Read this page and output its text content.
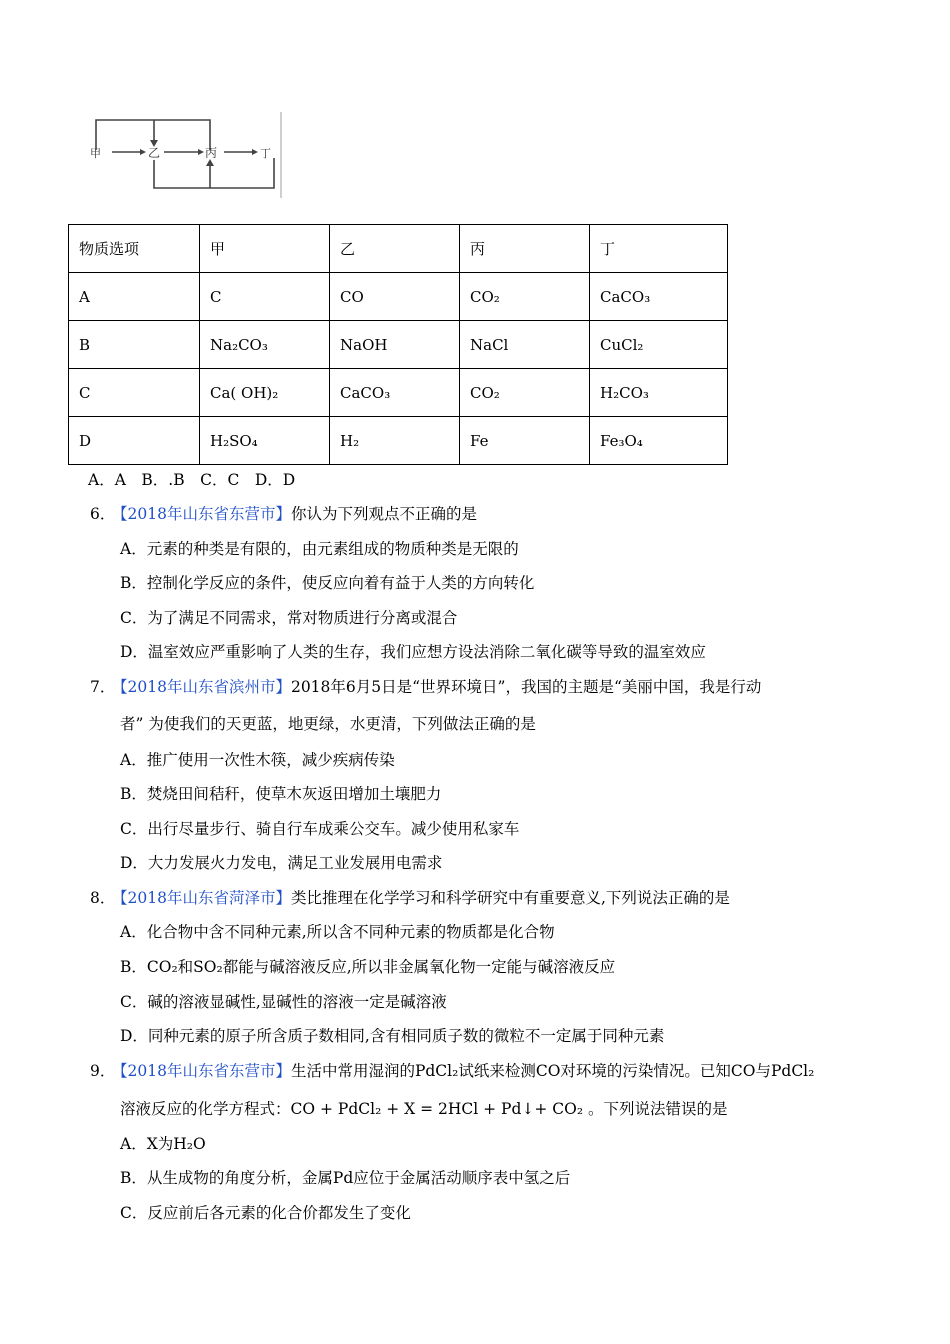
甲	乙	丙	丁
物质选项	甲	乙	丙	丁
A	C	CO	CO₂	CaCO₃
B	Na₂CO₃	NaOH	NaCl	CuCl₂
C	Ca( OH)₂	CaCO₃	CO₂	H₂CO₃
D	H₂SO₄	H₂	Fe	Fe₃O₄
A．A　B．.B　C．C　D．D
6．【2018年山东省东营市】你认为下列观点不正确的是
A．元素的种类是有限的，由元素组成的物质种类是无限的
B．控制化学反应的条件，使反应向着有益于人类的方向转化
C．为了满足不同需求，常对物质进行分离或混合
D．温室效应严重影响了人类的生存，我们应想方设法消除二氧化碳等导致的温室效应
7．【2018年山东省滨州市】2018年6月5日是“世界环境日”，我国的主题是“美丽中国，我是行动
者” 为使我们的天更蓝，地更绿，水更清，下列做法正确的是
A．推广使用一次性木筷，减少疾病传染
B．焚烧田间秸秆，使草木灰返田增加土壤肥力
C．出行尽量步行、骑自行车成乘公交车。减少使用私家车
D．大力发展火力发电，满足工业发展用电需求
8．【2018年山东省菏泽市】类比推理在化学学习和科学研究中有重要意义,下列说法正确的是
A．化合物中含不同种元素,所以含不同种元素的物质都是化合物
B．CO₂和SO₂都能与碱溶液反应,所以非金属氧化物一定能与碱溶液反应
C．碱的溶液显碱性,显碱性的溶液一定是碱溶液
D．同种元素的原子所含质子数相同,含有相同质子数的微粒不一定属于同种元素
9．【2018年山东省东营市】生活中常用湿润的PdCl₂试纸来检测CO对环境的污染情况。已知CO与PdCl₂
溶液反应的化学方程式：CO + PdCl₂ + X = 2HCl + Pd↓+ CO₂ 。下列说法错误的是
A．X为H₂O
B．从生成物的角度分析，金属Pd应位于金属活动顺序表中氢之后
C．反应前后各元素的化合价都发生了变化
